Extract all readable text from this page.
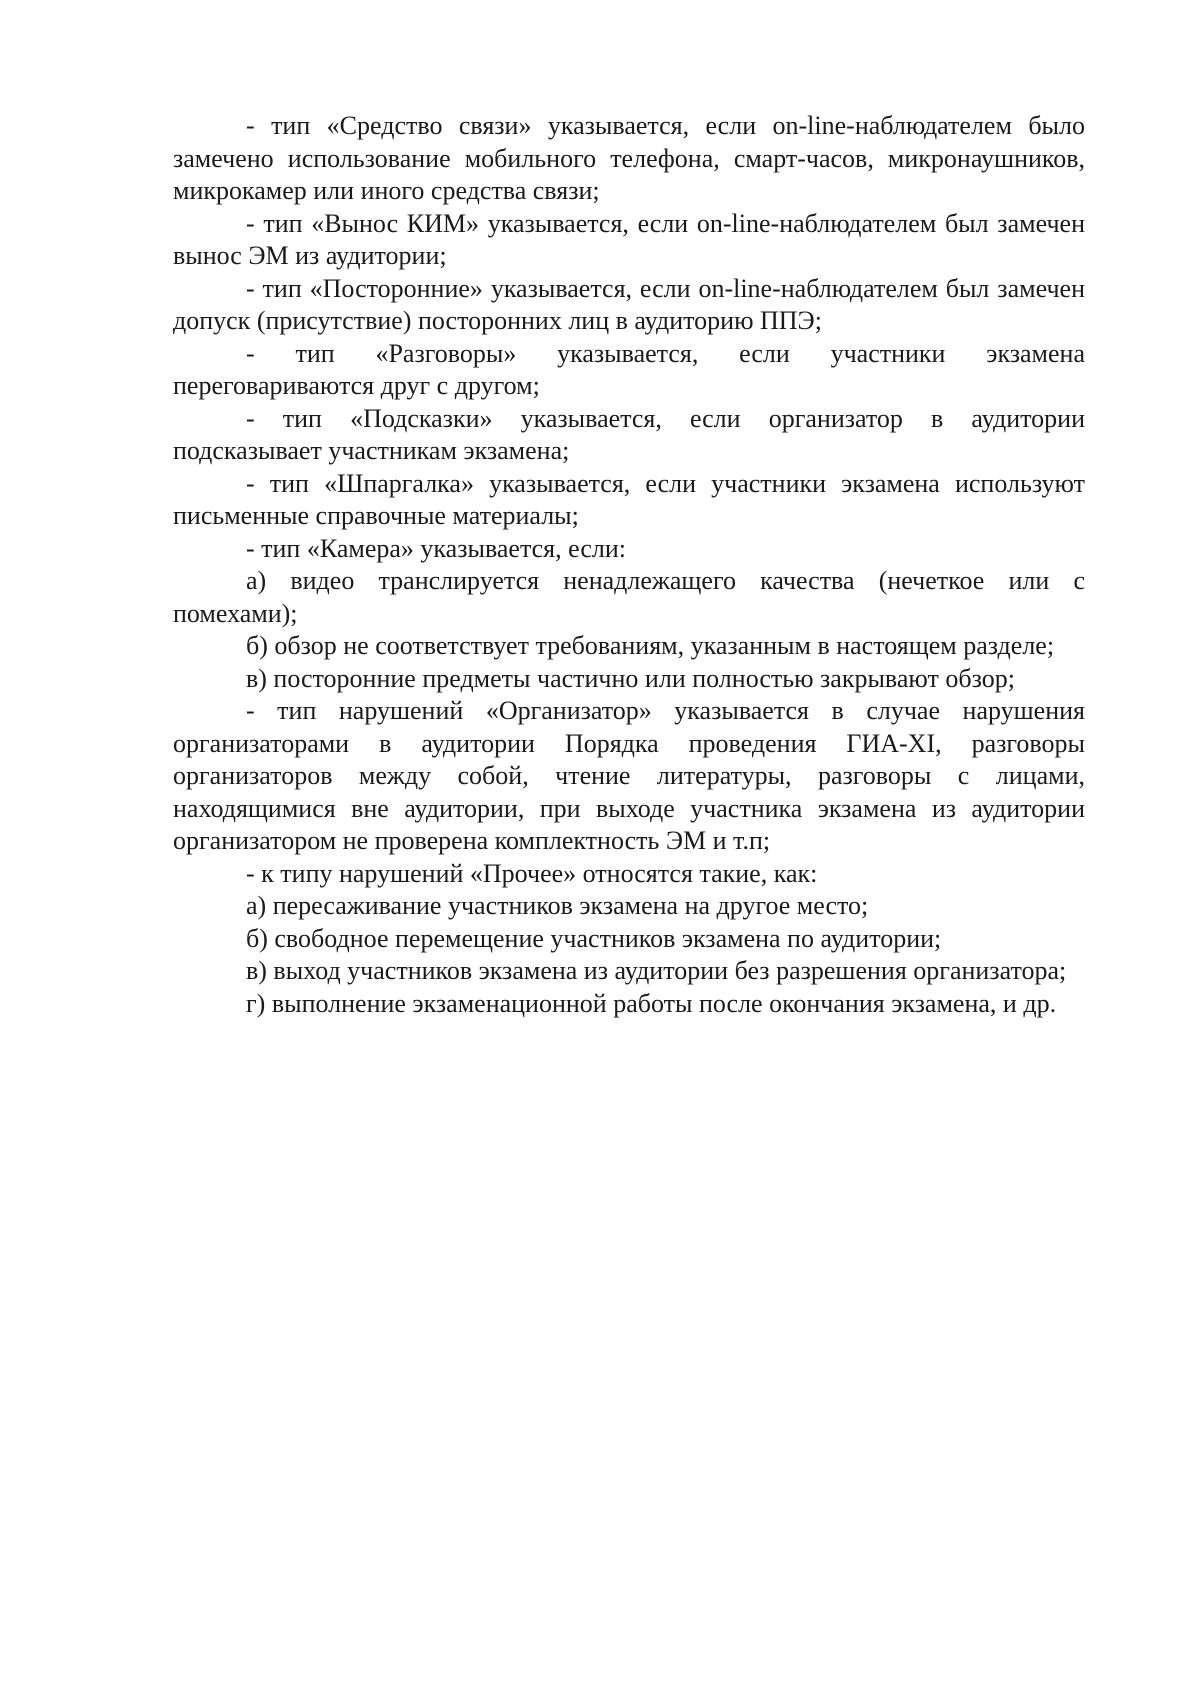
- тип «Средство связи» указывается, если on-line-наблюдателем было замечено использование мобильного телефона, смарт-часов, микронаушников, микрокамер или иного средства связи;

- тип «Вынос КИМ» указывается, если on-line-наблюдателем был замечен вынос ЭМ из аудитории;

- тип «Посторонние» указывается, если on-line-наблюдателем был замечен допуск (присутствие) посторонних лиц в аудиторию ППЭ;

- тип «Разговоры» указывается, если участники экзамена переговариваются друг с другом;

- тип «Подсказки» указывается, если организатор в аудитории подсказывает участникам экзамена;

- тип «Шпаргалка» указывается, если участники экзамена используют письменные справочные материалы;

- тип «Камера» указывается, если:

а) видео транслируется ненадлежащего качества (нечеткое или с помехами);

б) обзор не соответствует требованиям, указанным в настоящем разделе;

в) посторонние предметы частично или полностью закрывают обзор;

- тип нарушений «Организатор» указывается в случае нарушения организаторами в аудитории Порядка проведения ГИА-XI, разговоры организаторов между собой, чтение литературы, разговоры с лицами, находящимися вне аудитории, при выходе участника экзамена из аудитории организатором не проверена комплектность ЭМ и т.п;

- к типу нарушений «Прочее» относятся такие, как:

а) пересаживание участников экзамена на другое место;

б) свободное перемещение участников экзамена по аудитории;

в) выход участников экзамена из аудитории без разрешения организатора;

г) выполнение экзаменационной работы после окончания экзамена, и др.
